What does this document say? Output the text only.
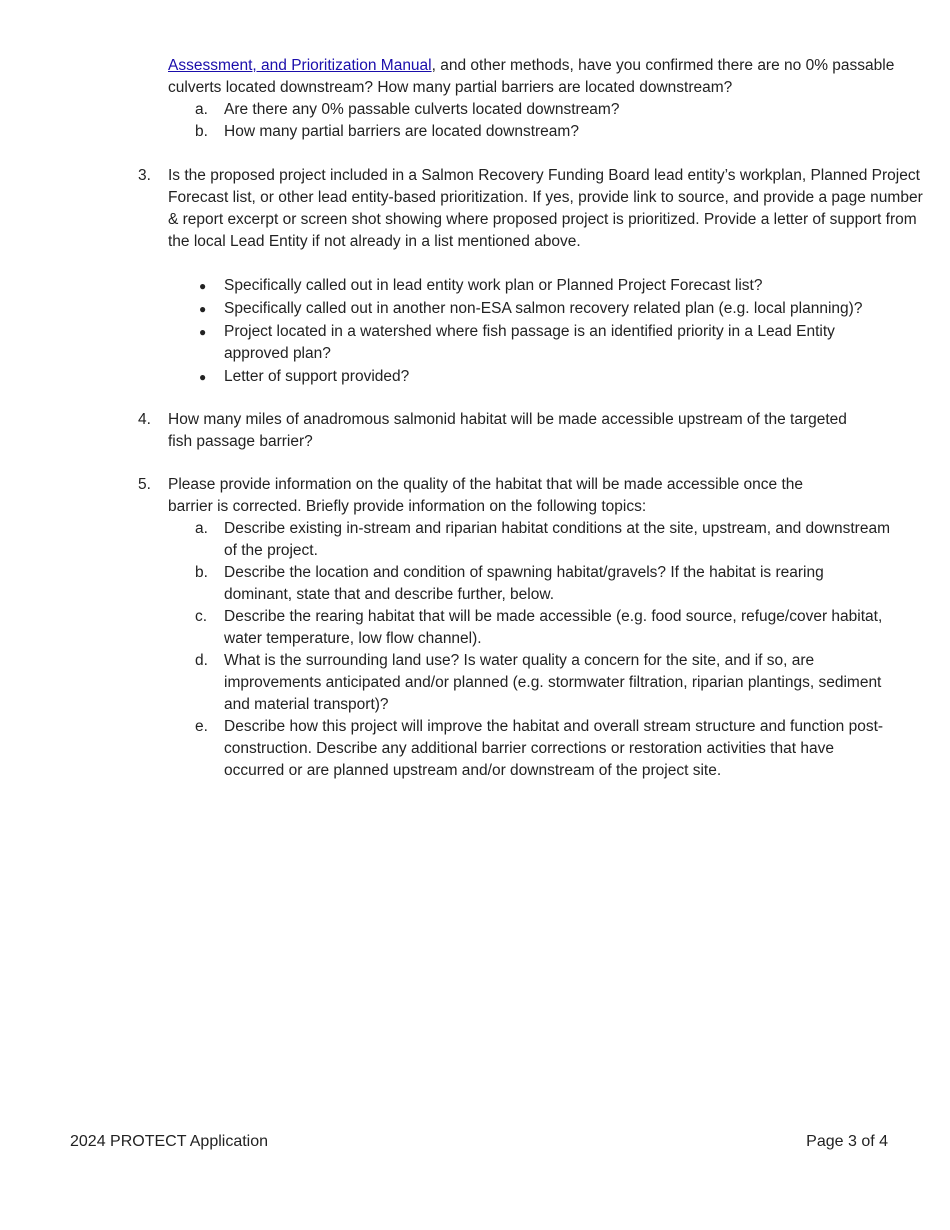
Assessment, and Prioritization Manual, and other methods, have you confirmed there are no 0% passable
culverts located downstream? How many partial barriers are located downstream?
a. Are there any 0% passable culverts located downstream?
b. How many partial barriers are located downstream?
3. Is the proposed project included in a Salmon Recovery Funding Board lead entity’s workplan, Planned Project
Forecast list, or other lead entity-based prioritization. If yes, provide link to source, and provide a page number
& report excerpt or screen shot showing where proposed project is prioritized. Provide a letter of support from
the local Lead Entity if not already in a list mentioned above.
● Specifically called out in lead entity work plan or Planned Project Forecast list?
● Specifically called out in another non-ESA salmon recovery related plan (e.g. local planning)?
● Project located in a watershed where fish passage is an identified priority in a Lead Entity approved plan?
● Letter of support provided?
4. How many miles of anadromous salmonid habitat will be made accessible upstream of the targeted fish passage barrier?
5. Please provide information on the quality of the habitat that will be made accessible once the barrier is corrected. Briefly provide information on the following topics:
a. Describe existing in-stream and riparian habitat conditions at the site, upstream, and downstream of the project.
b. Describe the location and condition of spawning habitat/gravels? If the habitat is rearing dominant, state that and describe further, below.
c. Describe the rearing habitat that will be made accessible (e.g. food source, refuge/cover habitat, water temperature, low flow channel).
d. What is the surrounding land use? Is water quality a concern for the site, and if so, are improvements anticipated and/or planned (e.g. stormwater filtration, riparian plantings, sediment and material transport)?
e. Describe how this project will improve the habitat and overall stream structure and function post-construction. Describe any additional barrier corrections or restoration activities that have occurred or are planned upstream and/or downstream of the project site.
2024 PROTECT Application	Page 3 of 4
